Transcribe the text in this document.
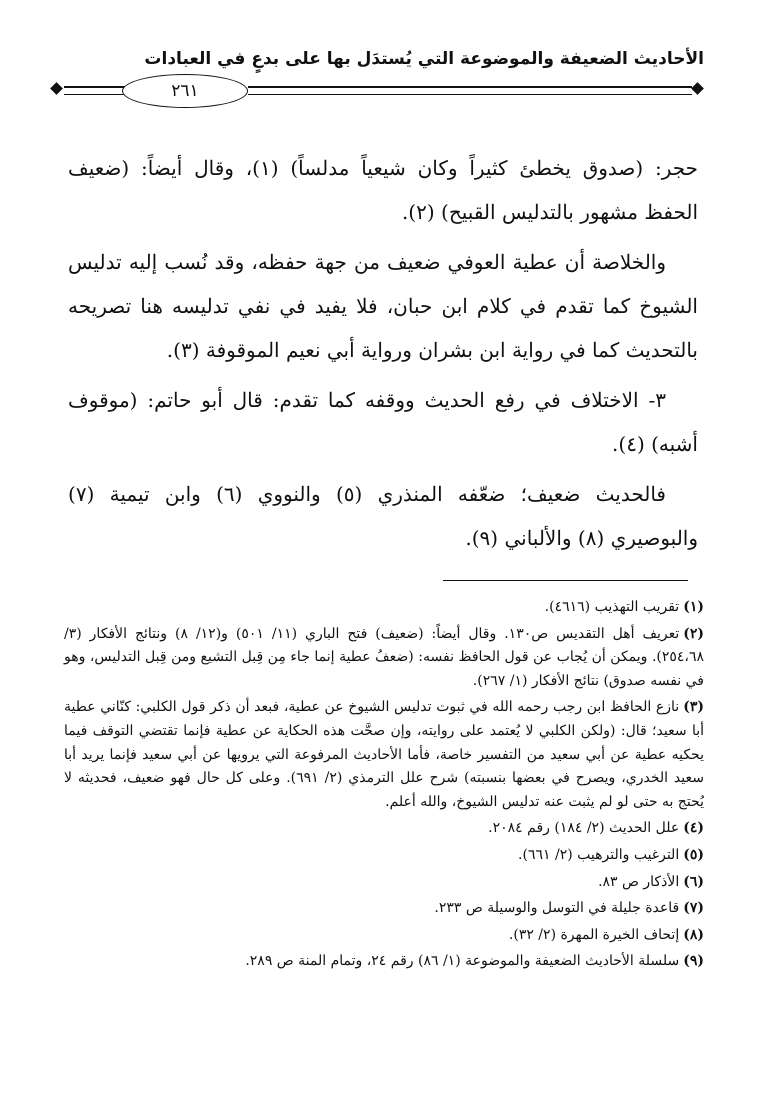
الأحاديث الضعيفة والموضوعة التي يُستدَل بها على بدعٍ في العبادات
٢٦١

حجر: (صدوق يخطئ كثيراً وكان شيعياً مدلساً) (١)، وقال أيضاً: (ضعيف الحفظ مشهور بالتدليس القبيح) (٢).

والخلاصة أن عطية العوفي ضعيف من جهة حفظه، وقد نُسب إليه تدليس الشيوخ كما تقدم في كلام ابن حبان، فلا يفيد في نفي تدليسه هنا تصريحه بالتحديث كما في رواية ابن بشران ورواية أبي نعيم الموقوفة (٣).

٣- الاختلاف في رفع الحديث ووقفه كما تقدم: قال أبو حاتم: (موقوف أشبه) (٤).

فالحديث ضعيف؛ ضعّفه المنذري (٥) والنووي (٦) وابن تيمية (٧) والبوصيري (٨) والألباني (٩).

(١)تقريب التهذيب (٤٦١٦).

(٢)تعريف أهل التقديس ص١٣٠. وقال أيضاً: (ضعيف) فتح الباري (١١/ ٥٠١) و(١٢/ ٨) ونتائج الأفكار (٣/ ٢٥٤،٦٨). ويمكن أن يُجاب عن قول الحافظ نفسه: (ضعفُ عطية إنما جاء مِن قِبل التشيع ومن قِبل التدليس، وهو في نفسه صدوق) نتائج الأفكار (١/ ٢٦٧).

(٣)نازع الحافظ ابن رجب رحمه الله في ثبوت تدليس الشيوخ عن عطية، فبعد أن ذكر قول الكلبي: كنّاني عطية أبا سعيد؛ قال: (ولكن الكلبي لا يُعتمد على روايته، وإن صحَّت هذه الحكاية عن عطية فإنما تقتضي التوقف فيما يحكيه عطية عن أبي سعيد من التفسير خاصة، فأما الأحاديث المرفوعة التي يرويها عن أبي سعيد فإنما يريد أبا سعيد الخدري، ويصرح في بعضها بنسبته) شرح علل الترمذي (٢/ ٦٩١). وعلى كل حال فهو ضعيف، فحديثه لا يُحتج به حتى لو لم يثبت عنه تدليس الشيوخ، والله أعلم.

(٤)علل الحديث (٢/ ١٨٤) رقم ٢٠٨٤.

(٥)الترغيب والترهيب (٢/ ٦٦١).

(٦)الأذكار ص ٨٣.

(٧)قاعدة جليلة في التوسل والوسيلة ص ٢٣٣.

(٨)إتحاف الخيرة المهرة (٢/ ٣٢).

(٩)سلسلة الأحاديث الضعيفة والموضوعة (١/ ٨٦) رقم ٢٤، وتمام المنة ص ٢٨٩.
